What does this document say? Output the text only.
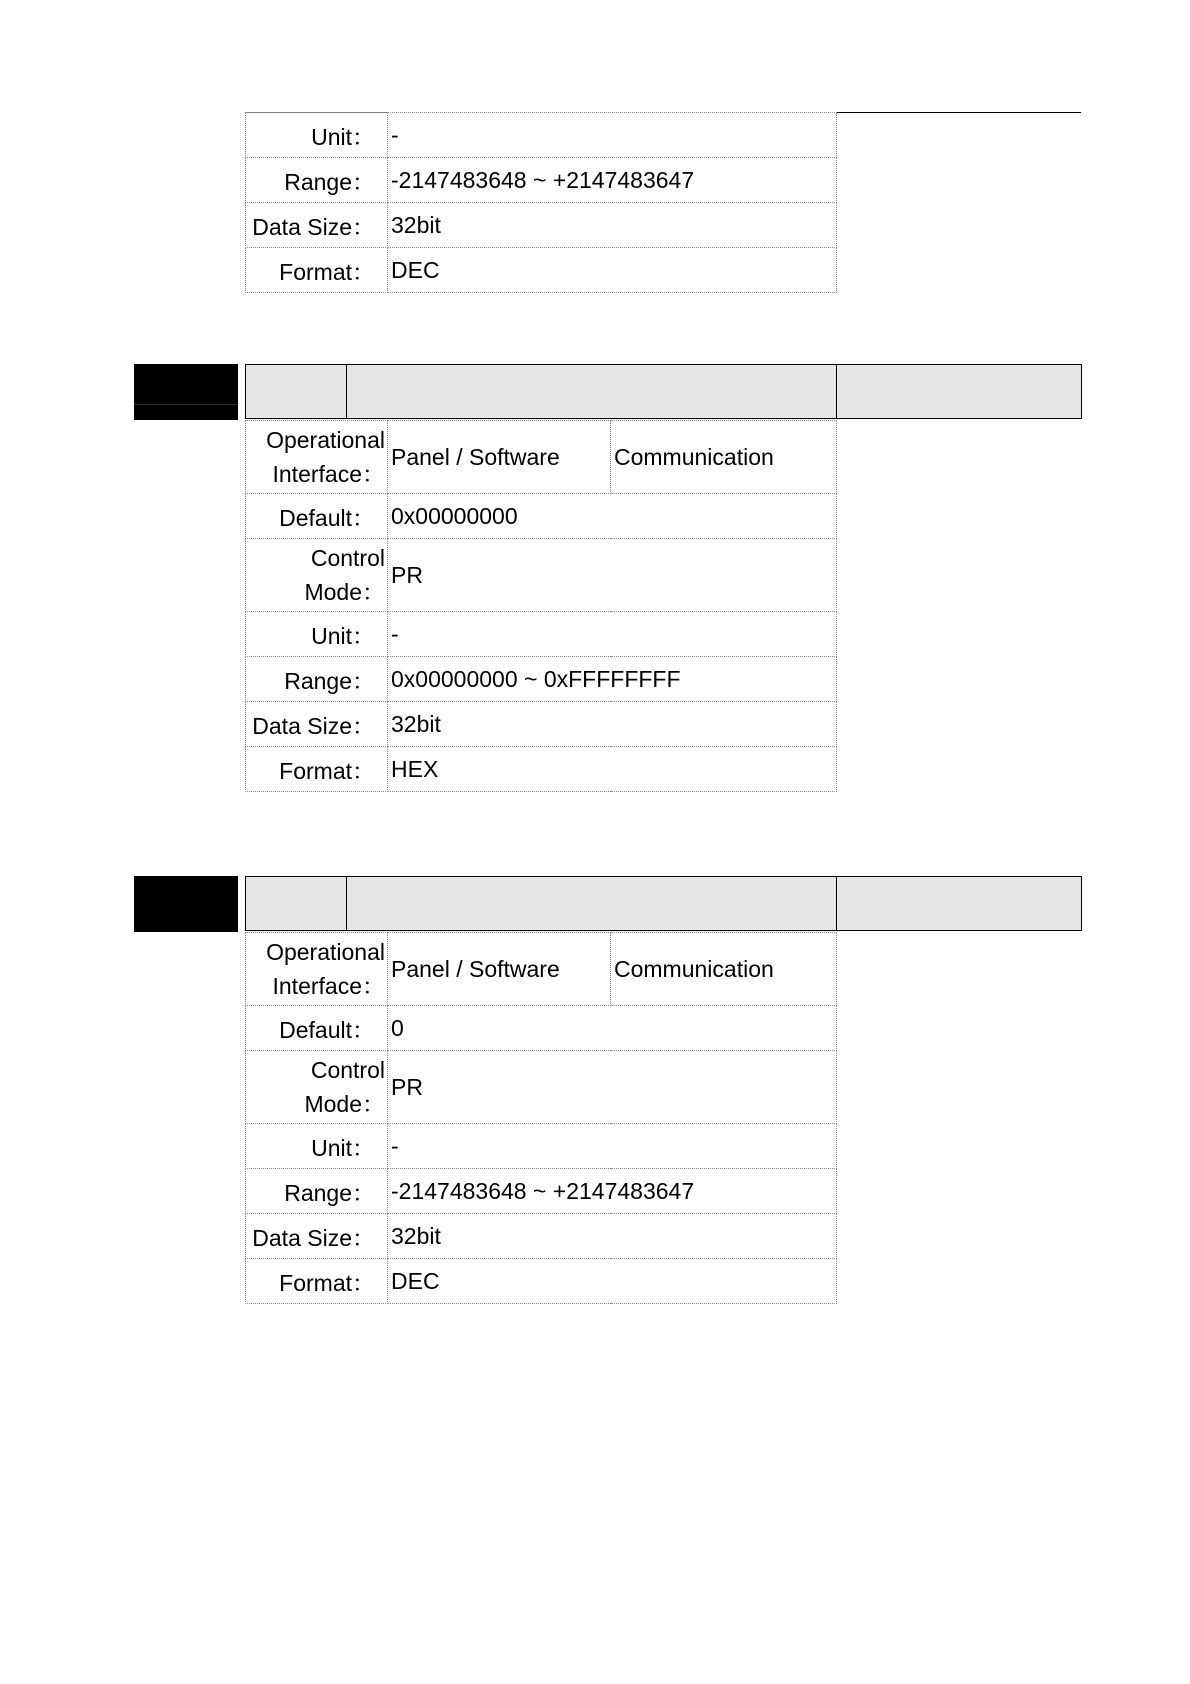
Unit：	-
Range：	-2147483648 ~ +2147483647
Data Size：	32bit
Format：	DEC
Operational
Interface：	Panel / Software	Communication
Default：	0x00000000	

Control
Mode：	PR	
Unit：	-	
Range：	0x00000000 ~ 0xFFFFFFFF	
Data Size：	32bit	
Format：	HEX	
Operational
Interface：	Panel / Software	Communication
Default：	0	

Control
Mode：	PR	
Unit：	-	
Range：	-2147483648 ~ +2147483647	
Data Size：	32bit	
Format：	DEC	
